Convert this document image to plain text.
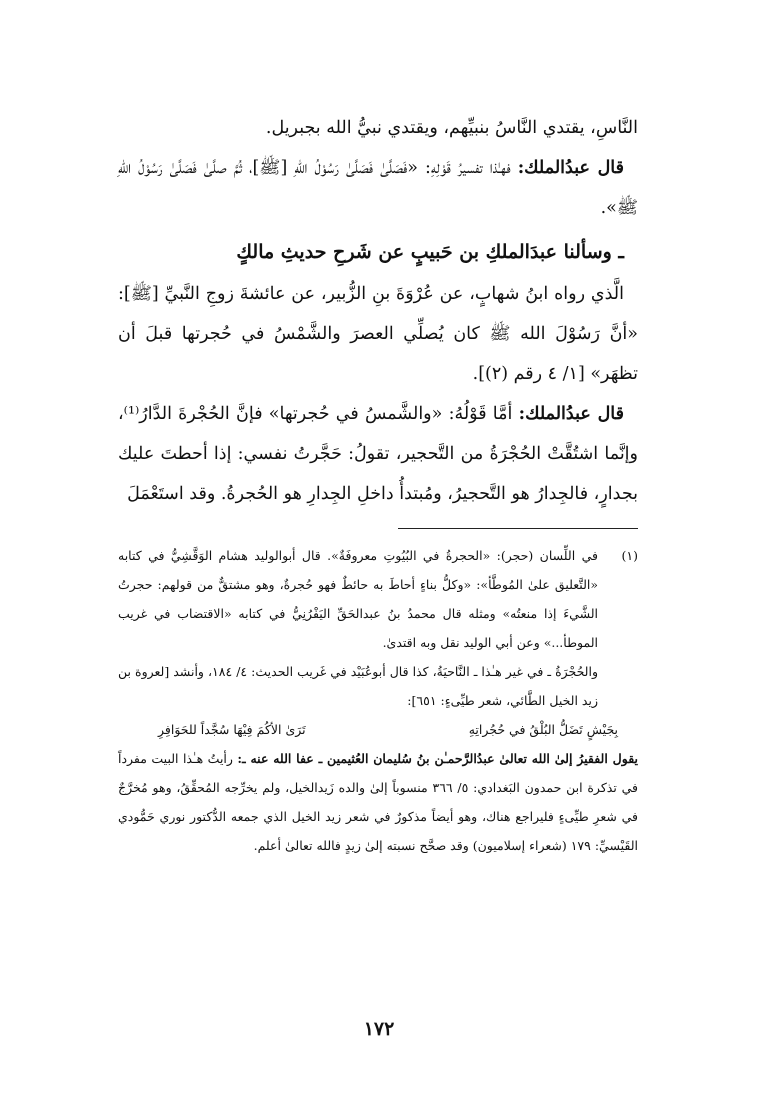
النَّاسِ، يقتدي النَّاسُ بنبيِّهم، ويقتدي نبيُّ الله بجبريل.

قال عبدُالملك: فهـٰذا تفسيرُ قَوْلِهِ: «فَصَلَّىٰ فَصَلَّىٰ رَسُوْلُ اللهِ [ﷺ]، ثُمَّ صلَّىٰ فَصَلَّىٰ رَسُوْلُ اللهِ ﷺ».

ـ وسألنا عبدَالملكِ بن حَبيبٍ عن شَرحِ حديثِ مالكٍ

الَّذي رواه ابنُ شهابٍ، عن عُرْوَةَ بنِ الزُّبير، عن عائشةَ زوجِ النَّبيِّ [ﷺ]: «أنَّ رَسُوْلَ الله ﷺ كان يُصلِّي العصرَ والشَّمْسُ في حُجرتها قبلَ أن تظهَر» [١/ ٤ رقم (٢)].

قال عبدُالملك: أمَّا قَوْلُهُ: «والشَّمسُ في حُجرتها» فإنَّ الحُجْرةَ الدَّارُ⁽¹⁾، وإنَّما اشتُقَّتْ الحُجْرَةُ من التَّحجير، تقولُ: حَجَّرتُ نفسي: إذا أحطتَ عليك بجدارٍ، فالجِدارُ هو التَّحجيرُ، ومُبتدأُ داخلِ الجِدارِ هو الحُجرةُ. وقد استَعْمَلَ

(١)

في اللِّسان (حجر): «الحجرةُ في البُيُوتِ معروفَةٌ». قال أبوالوليد هشام الوَقَّشِيُّ في كتابه «التَّعليق علىٰ المُوطَّأ»: «وكلُّ بناءٍ أحاطَ به حائطٌ فهو حُجرةٌ، وهو مشتقٌّ من قولهم: حجرتُ الشَّيءَ إذا منعتُه» ومثله قال محمدُ بنُ عبدالحَقِّ اليَفْرُنِيُّ في كتابه «الاقتضاب في غريب الموطأ...» وعن أبي الوليد نقل وبه اقتدىٰ.

والحُجْرَةُ ـ في غير هـٰذا ـ النَّاحيَةُ، كذا قال أبوعُبَيْد في غَريب الحديث: ٤/ ١٨٤، وأنشد [لعروة بن زيد الخيل الطَّائي، شعر طيِّىءٍ: ٦٥١]:

بِجَيْشٍ تَضَلُّ البُلْقُ في حُجُراتِهِ
تَرَىٰ الأكُمَ فِيْهَا سُجَّداً للحَوَافِرِ

يقول الفقيرُ إلىٰ الله تعالىٰ عبدُالرَّحمـٰن بنُ سُليمان العُثيمين ـ عفا الله عنه ـ: رأيتُ هـٰذا البيت مفرداً في تذكرة ابن حمدون البَغدادي: ٥/ ٣٦٦ منسوباً إلىٰ والده زَيدالخيل، ولم يخرِّجه المُحقِّقُ، وهو مُخرَّجٌ في شعرِ طيِّىءٍ فليراجع هناك، وهو أيضاً مذكورٌ في شعر زيد الخيل الذي جمعه الدُّكتور نوري حَمُّودي القَيْسيِّ: ١٧٩ (شعراء إسلاميون) وقد صحَّح نسبته إلىٰ زيدٍ فالله تعالىٰ أعلم.

١٧٢
